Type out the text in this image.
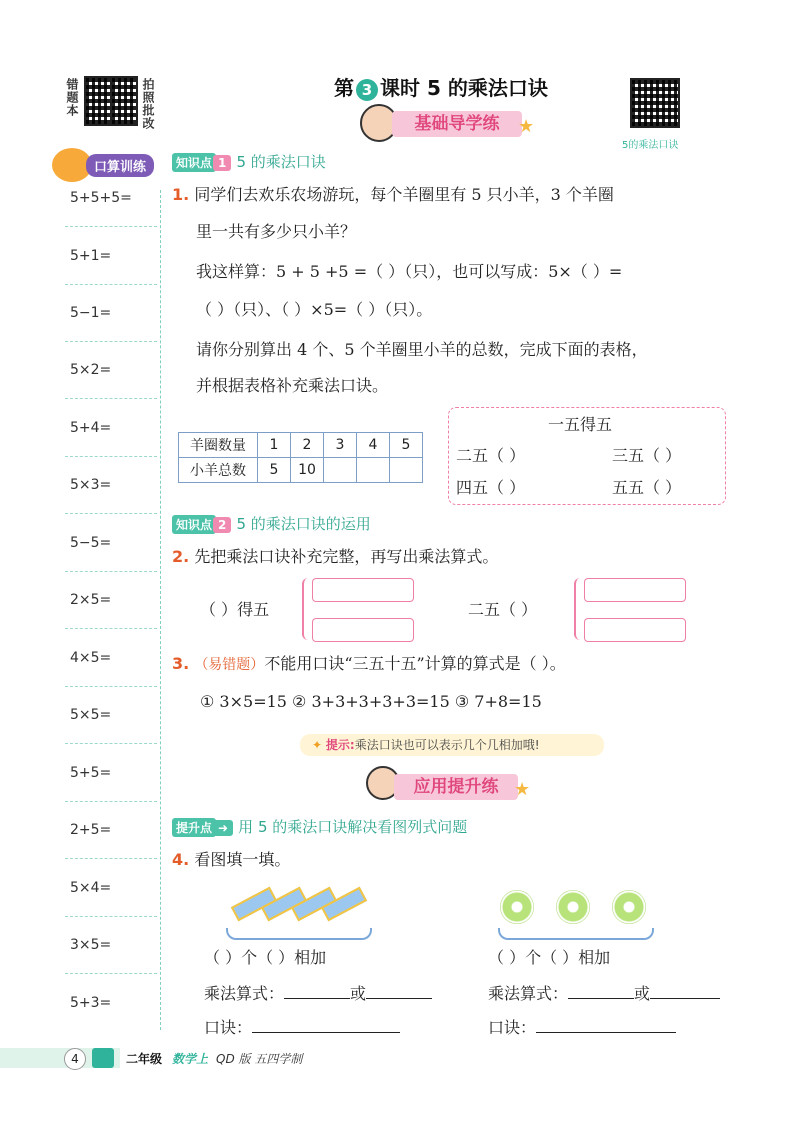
错题本	拍照批改	第 3 课时 5 的乘法口诀
5的乘法口诀
基础导学练	★
口算训练
5+5+5=
5+1=
5−1=
5×2=
5+4=
5×3=
5−5=
2×5=
4×5=
5×5=
5+5=
2+5=
5×4=
3×5=
5+3=
知识点 1 5 的乘法口诀
1. 同学们去欢乐农场游玩，每个羊圈里有 5 只小羊，3 个羊圈
里一共有多少只小羊？
我这样算：5 + 5 +5 =（ ）（只），也可以写成：5×（ ）=
（ ）（只）、（ ）×5=（ ）（只）。
请你分别算出 4 个、5 个羊圈里小羊的总数，完成下面的表格，
并根据表格补充乘法口诀。
羊圈数量	1	2	3	4	5
小羊总数	5	10			
一五得五
二五（ ）	三五（ ）
四五（ ）	五五（ ）
知识点 2 5 的乘法口诀的运用
2. 先把乘法口诀补充完整，再写出乘法算式。
（ ）得五	二五（ ）
3. （易错题）不能用口诀“三五十五”计算的算式是（ ）。
① 3×5=15 ② 3+3+3+3+3=15 ③ 7+8=15
✦ 提示:乘法口诀也可以表示几个几相加哦!
应用提升练 ★
提升点 ➜ 用 5 的乘法口诀解决看图列式问题
4. 看图填一填。
（ ）个（ ）相加	（ ）个（ ）相加
乘法算式：	或	乘法算式：	或
口诀：	口诀：
4	二年级 数学上 QD 版 五四学制
